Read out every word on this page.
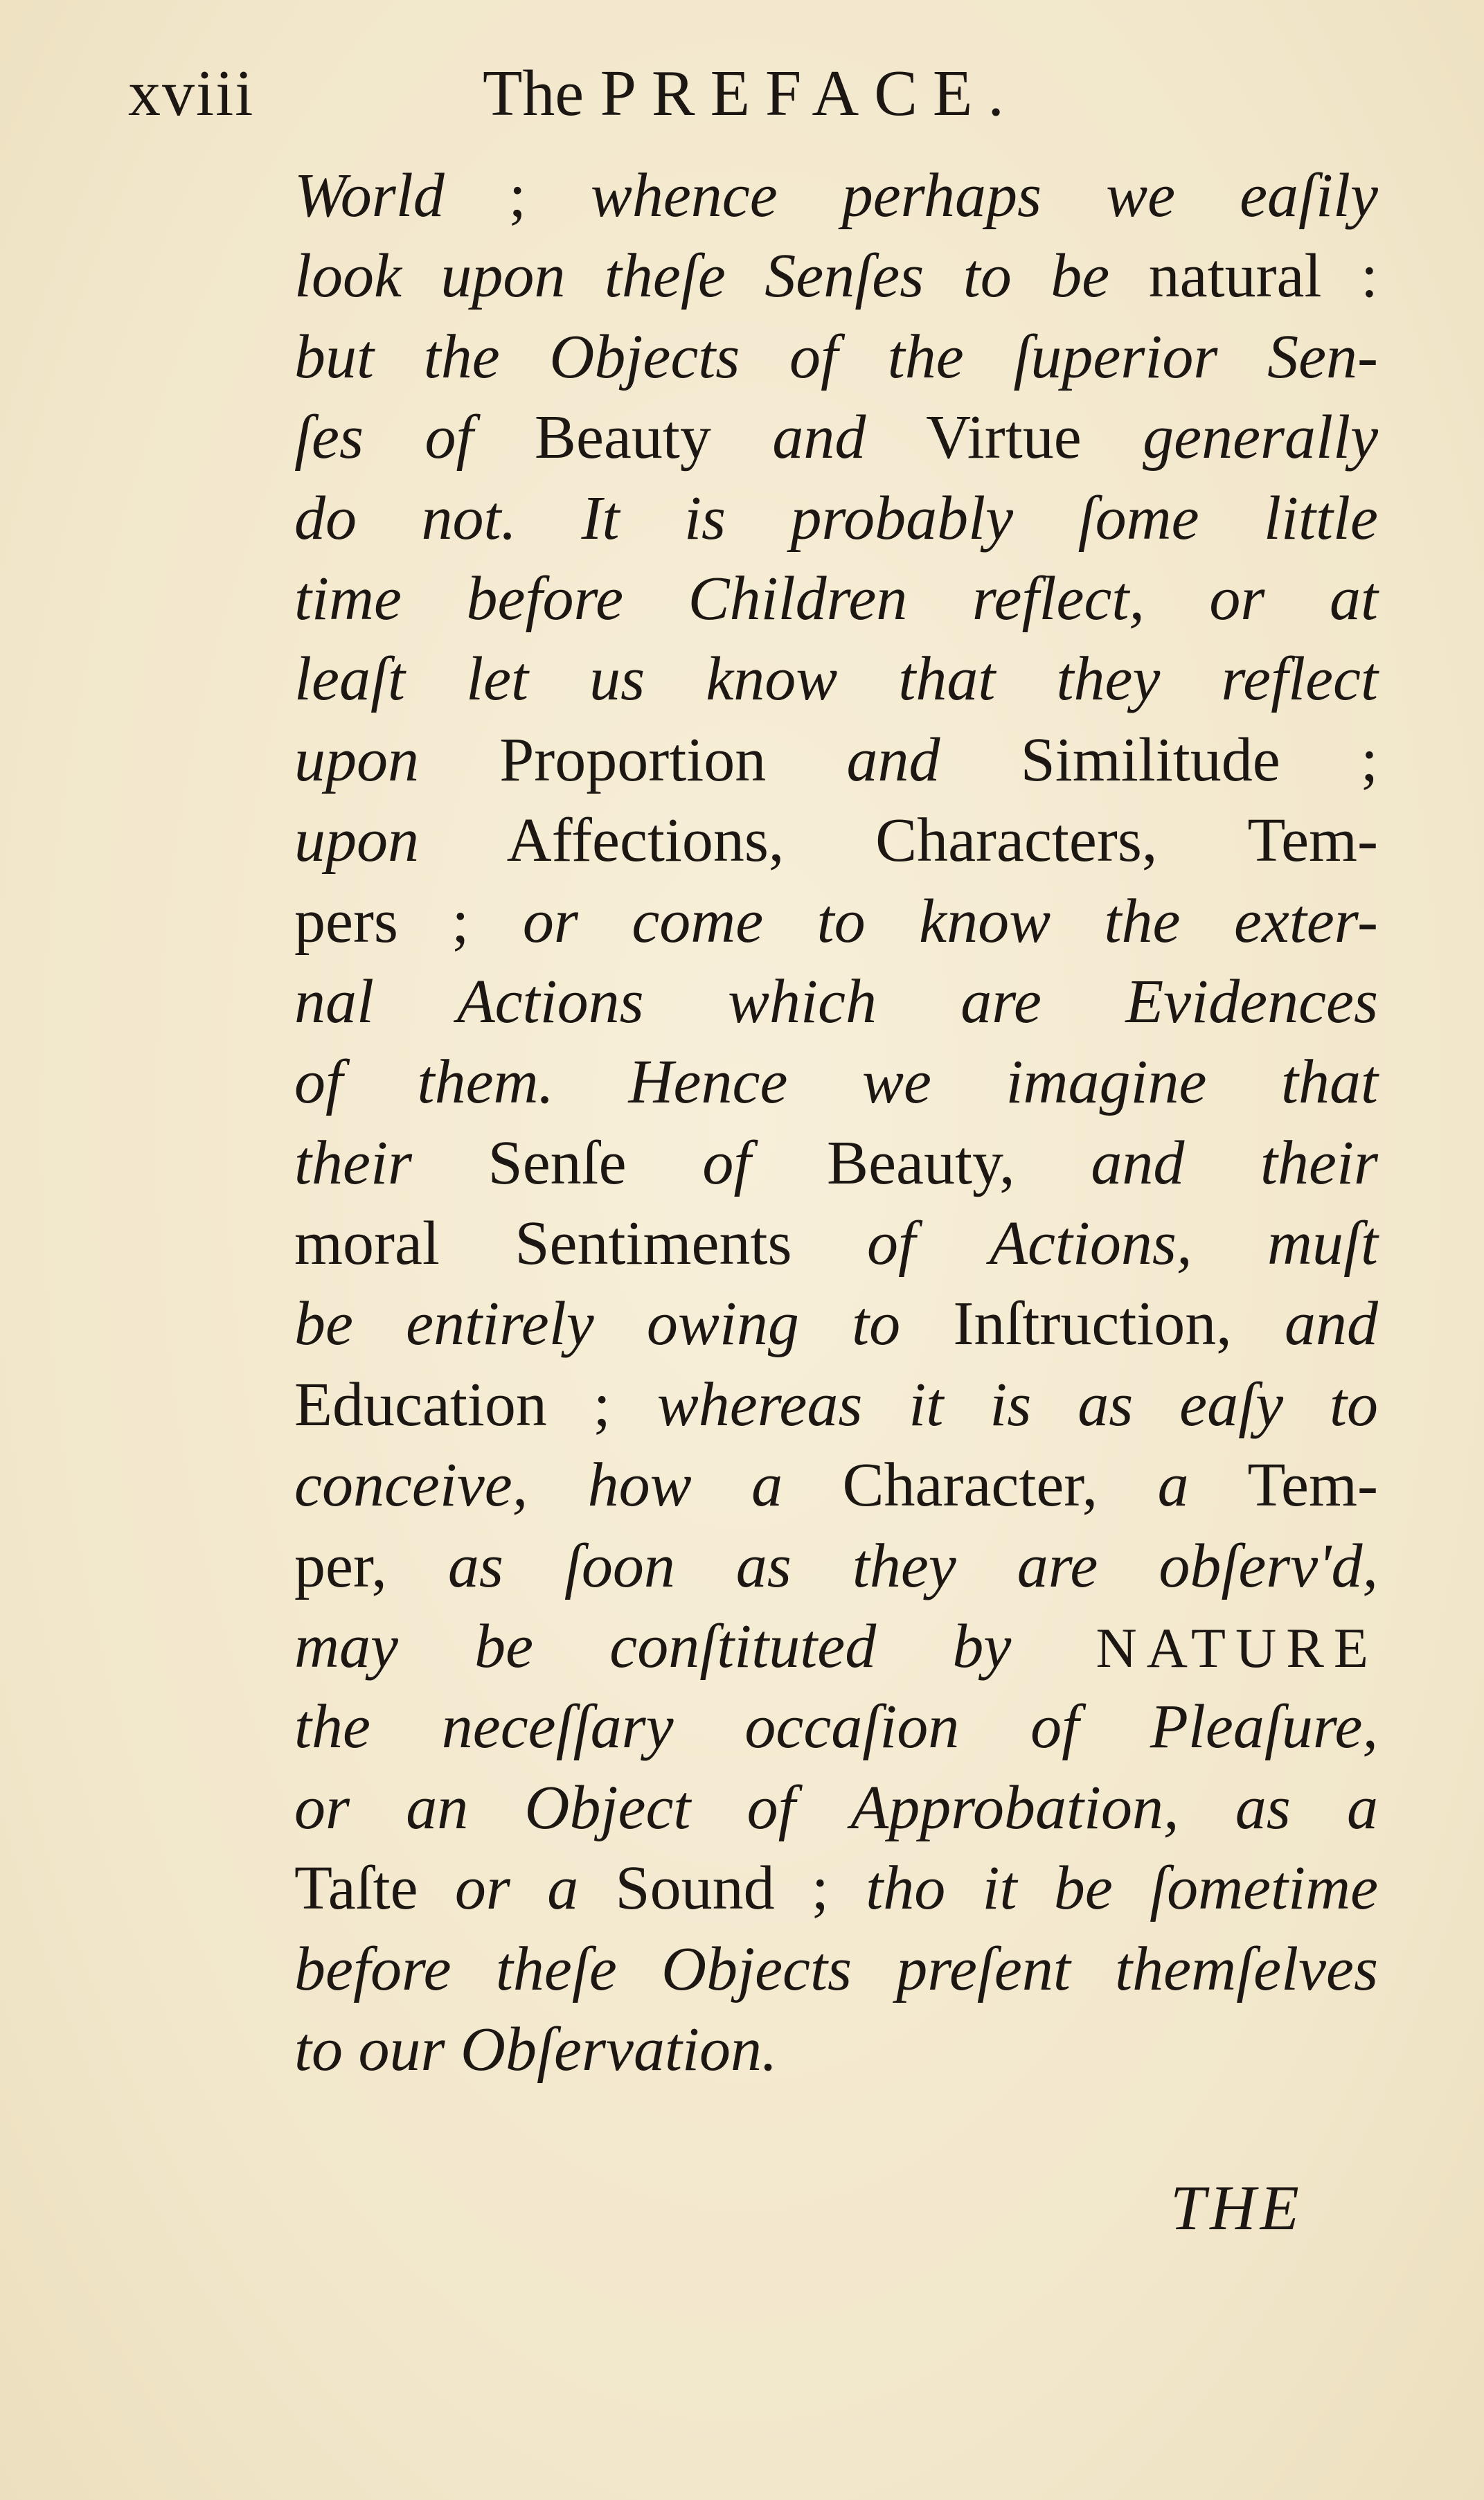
xviii	The PREFACE.
World ; whence perhaps we eaſily
look upon theſe Senſes to be natural :
but the Objects of the ſuperior Sen-
ſes of Beauty and Virtue generally
do not. It is probably ſome little
time before Children reflect, or at
leaſt let us know that they reflect
upon Proportion and Similitude ;
upon Affections, Characters, Tem-
pers ; or come to know the exter-
nal Actions which are Evidences
of them. Hence we imagine that
their Senſe of Beauty, and their
moral Sentiments of Actions, muſt
be entirely owing to Inſtruction, and
Education ; whereas it is as eaſy to
conceive, how a Character, a Tem-
per, as ſoon as they are obſerv'd,
may be conſtituted by NATURE
the neceſſary occaſion of Pleaſure,
or an Object of Approbation, as a
Taſte or a Sound ; tho it be ſometime
before theſe Objects preſent themſelves
to our Obſervation.
THE
